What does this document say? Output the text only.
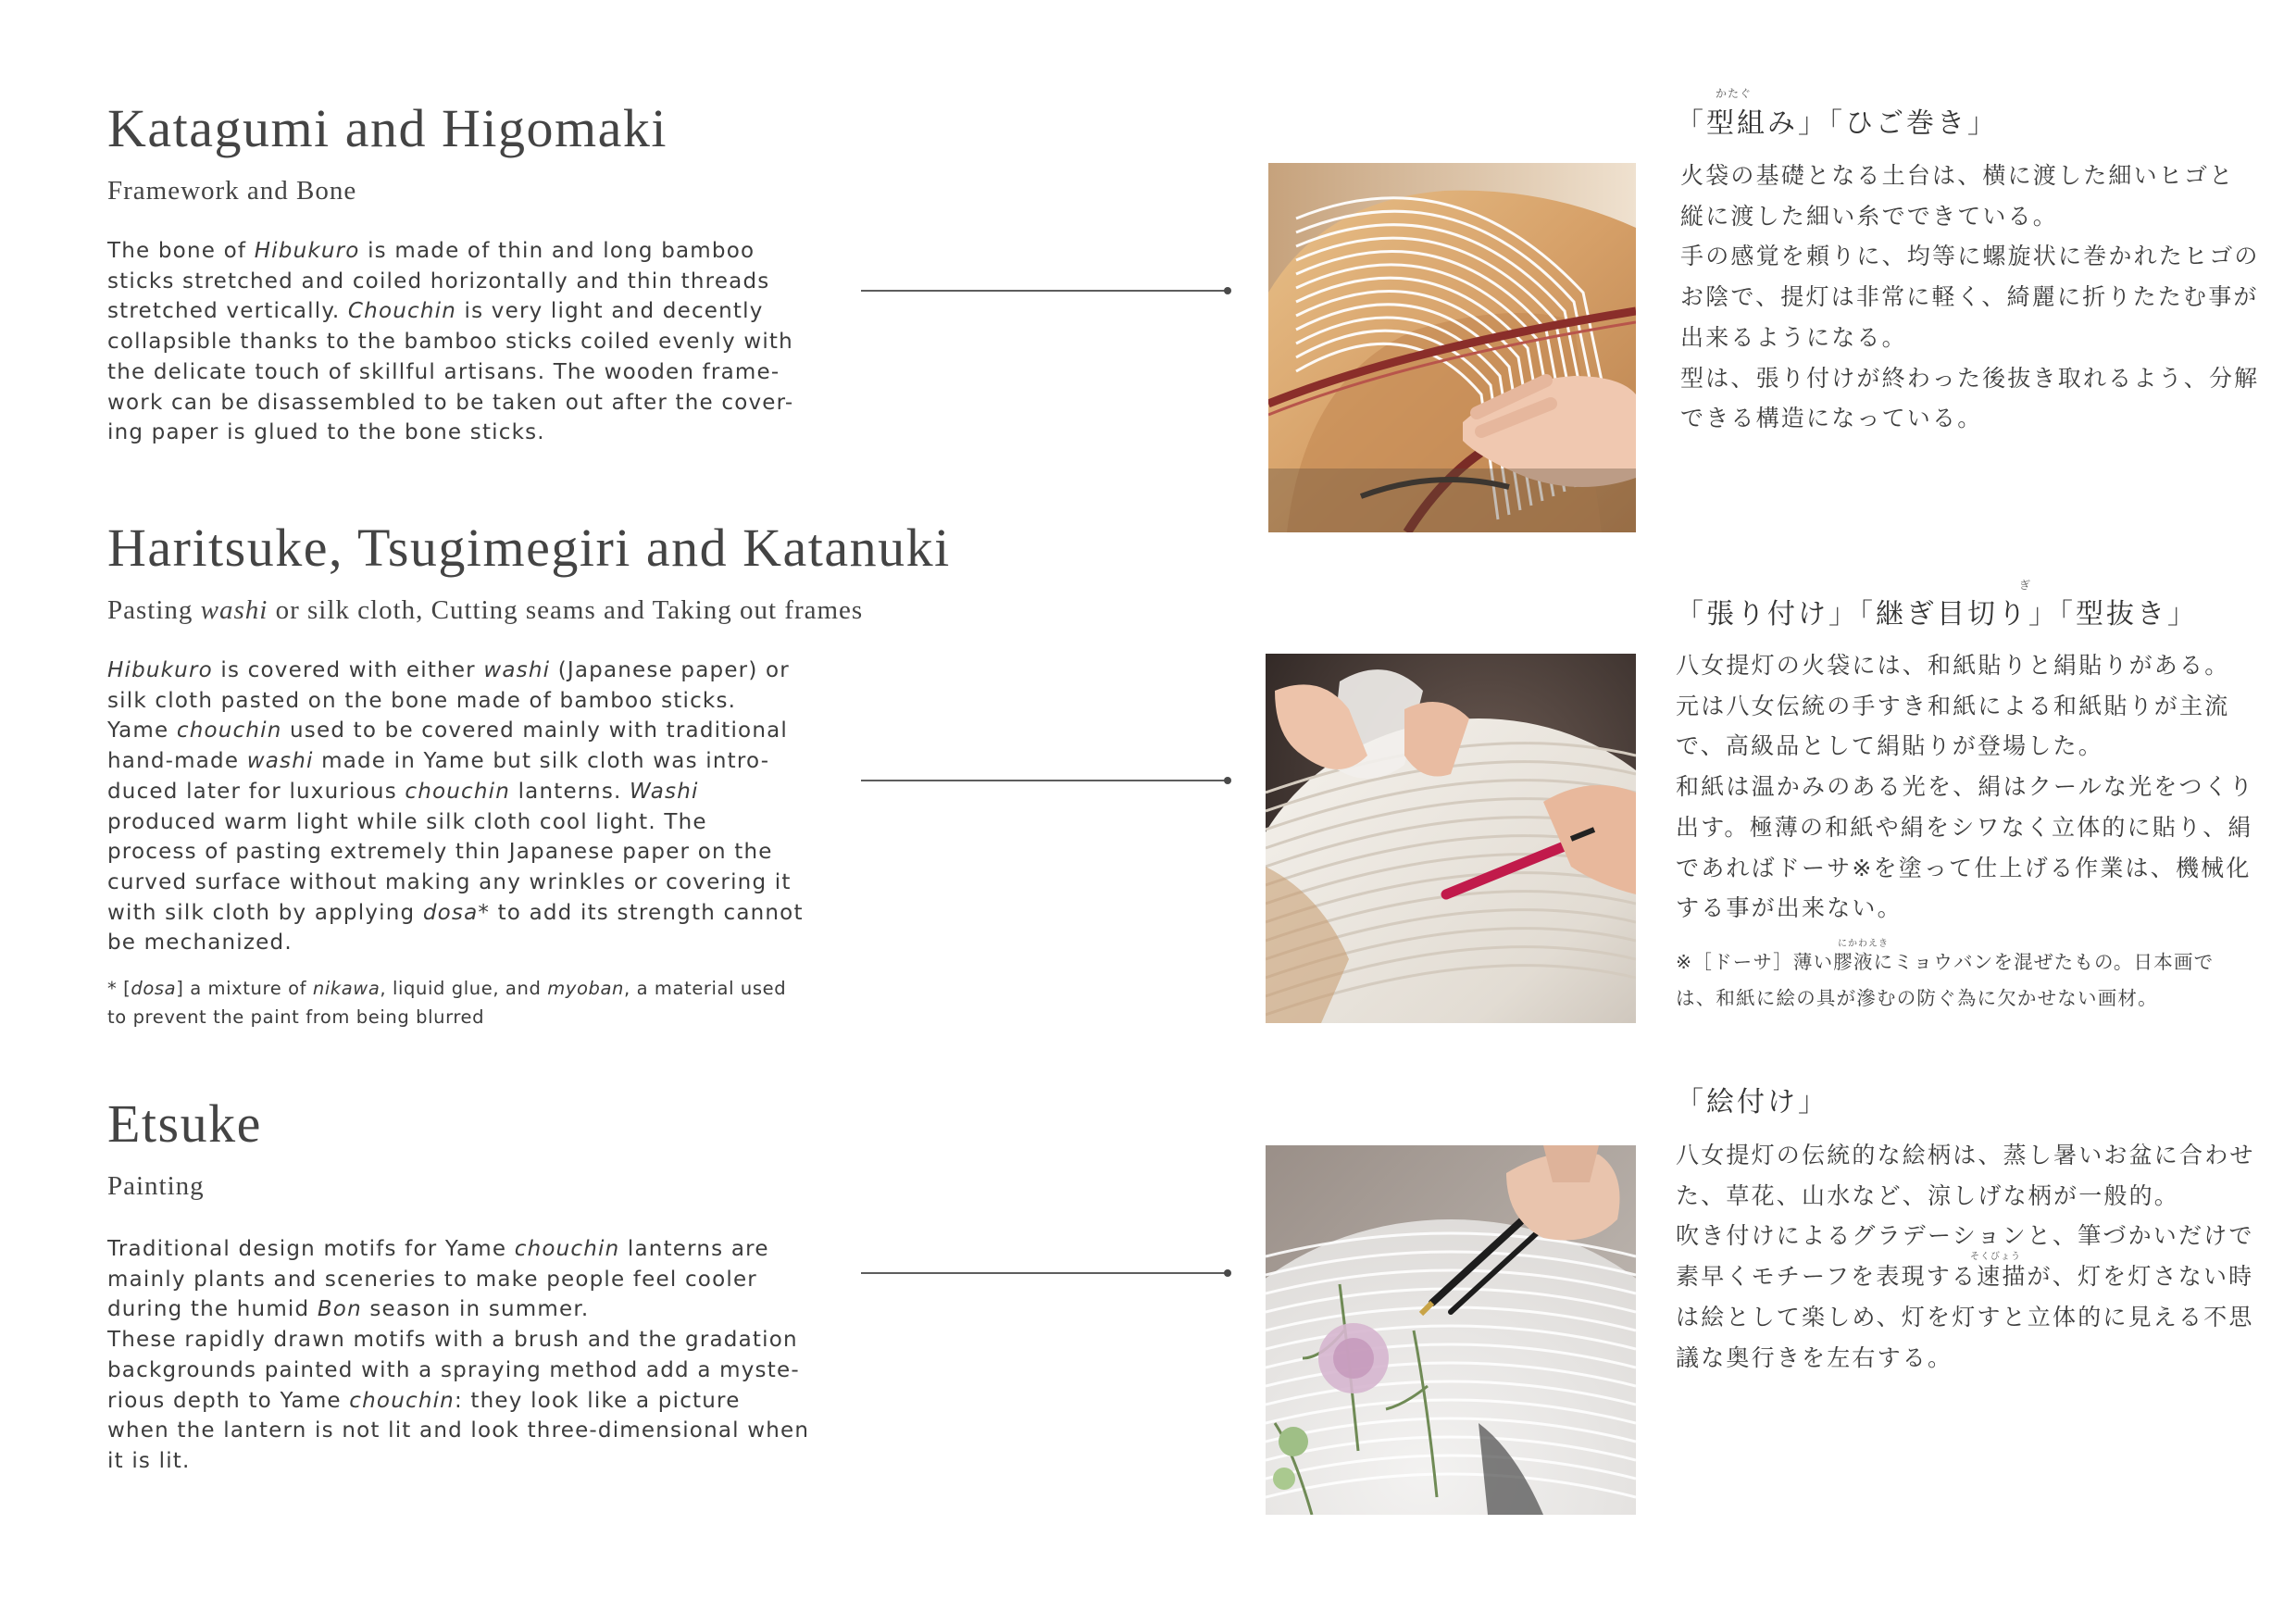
Katagumi and Higomaki

Framework and Bone

The bone of Hibukuro is made of thin and long bamboo
sticks stretched and coiled horizontally and thin threads
stretched vertically. Chouchin is very light and decently
collapsible thanks to the bamboo sticks coiled evenly with
the delicate touch of skillful artisans. The wooden frame-
work can be disassembled to be taken out after the cover-
ing paper is glued to the bone sticks.
かたぐ
「型組み」「ひご巻き」
火袋の基礎となる土台は、横に渡した細いヒゴと
縦に渡した細い糸でできている。
手の感覚を頼りに、均等に螺旋状に巻かれたヒゴの
お陰で、提灯は非常に軽く、綺麗に折りたたむ事が
出来るようになる。
型は、張り付けが終わった後抜き取れるよう、分解
できる構造になっている。
Haritsuke, Tsugimegiri and Katanuki

Pasting washi or silk cloth, Cutting seams and Taking out frames

Hibukuro is covered with either washi (Japanese paper) or
silk cloth pasted on the bone made of bamboo sticks.
Yame chouchin used to be covered mainly with traditional
hand-made washi made in Yame but silk cloth was intro-
duced later for luxurious chouchin lanterns. Washi
produced warm light while silk cloth cool light. The
process of pasting extremely thin Japanese paper on the
curved surface without making any wrinkles or covering it
with silk cloth by applying dosa* to add its strength cannot
be mechanized.
* [dosa] a mixture of nikawa, liquid glue, and myoban, a material used
to prevent the paint from being blurred
ぎ
「張り付け」「継ぎ目切り」「型抜き」
八女提灯の火袋には、和紙貼りと絹貼りがある。
元は八女伝統の手すき和紙による和紙貼りが主流
で、高級品として絹貼りが登場した。
和紙は温かみのある光を、絹はクールな光をつくり
出す。極薄の和紙や絹をシワなく立体的に貼り、絹
であればドーサ※を塗って仕上げる作業は、機械化
する事が出来ない。
にかわえき
※［ドーサ］薄い膠液にミョウバンを混ぜたもの。日本画で
は、和紙に絵の具が滲むの防ぐ為に欠かせない画材。
Etsuke

Painting

Traditional design motifs for Yame chouchin lanterns are
mainly plants and sceneries to make people feel cooler
during the humid Bon season in summer.
These rapidly drawn motifs with a brush and the gradation
backgrounds painted with a spraying method add a myste-
rious depth to Yame chouchin: they look like a picture
when the lantern is not lit and look three-dimensional when
it is lit.
「絵付け」
そくびょう
八女提灯の伝統的な絵柄は、蒸し暑いお盆に合わせ
た、草花、山水など、涼しげな柄が一般的。
吹き付けによるグラデーションと、筆づかいだけで
素早くモチーフを表現する速描が、灯を灯さない時
は絵として楽しめ、灯を灯すと立体的に見える不思
議な奥行きを左右する。
